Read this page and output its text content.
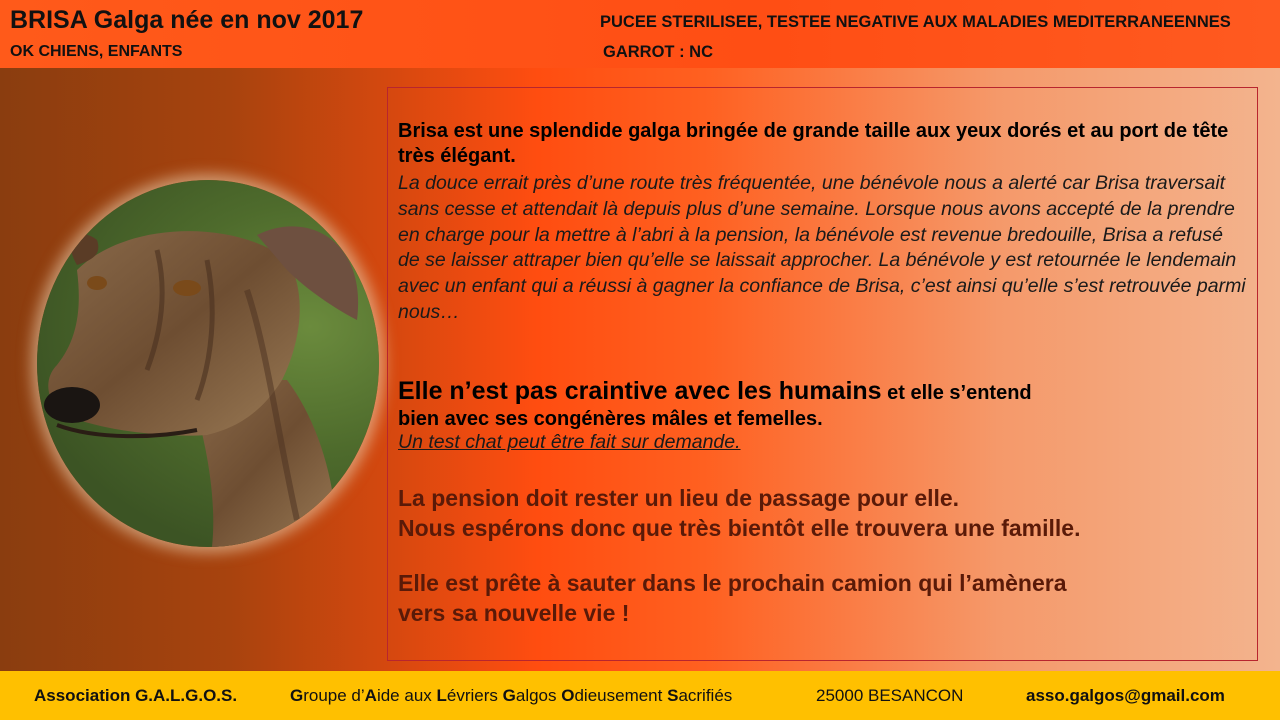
BRISA Galga née en nov 2017
OK CHIENS, ENFANTS
PUCEE STERILISEE, TESTEE NEGATIVE AUX MALADIES MEDITERRANEENNES
GARROT : NC
Brisa est une splendide galga bringée de grande taille aux yeux dorés et au port de tête très élégant.
La douce errait près d’une route très fréquentée, une bénévole nous a alerté car Brisa traversait sans cesse et attendait là depuis plus d’une semaine. Lorsque nous avons accepté de la prendre en charge pour la mettre à l’abri à la pension, la bénévole est revenue bredouille, Brisa a refusé de se laisser attraper bien qu’elle se laissait approcher. La bénévole y est retournée le lendemain avec un enfant qui a réussi à gagner la confiance de Brisa, c’est ainsi qu’elle s’est retrouvée parmi nous…
Elle n’est pas craintive avec les humains et elle s’entend
bien avec ses congénères mâles et femelles.
Un test chat peut être fait sur demande.
La pension doit rester un lieu de passage pour elle.
Nous espérons donc que très bientôt elle trouvera une famille.
Elle est prête à sauter dans le prochain camion qui l’amènera
vers sa nouvelle vie !
Association G.A.L.G.O.S.	Groupe d’Aide aux Lévriers Galgos Odieusement Sacrifiés	25000 BESANCON	asso.galgos@gmail.com
